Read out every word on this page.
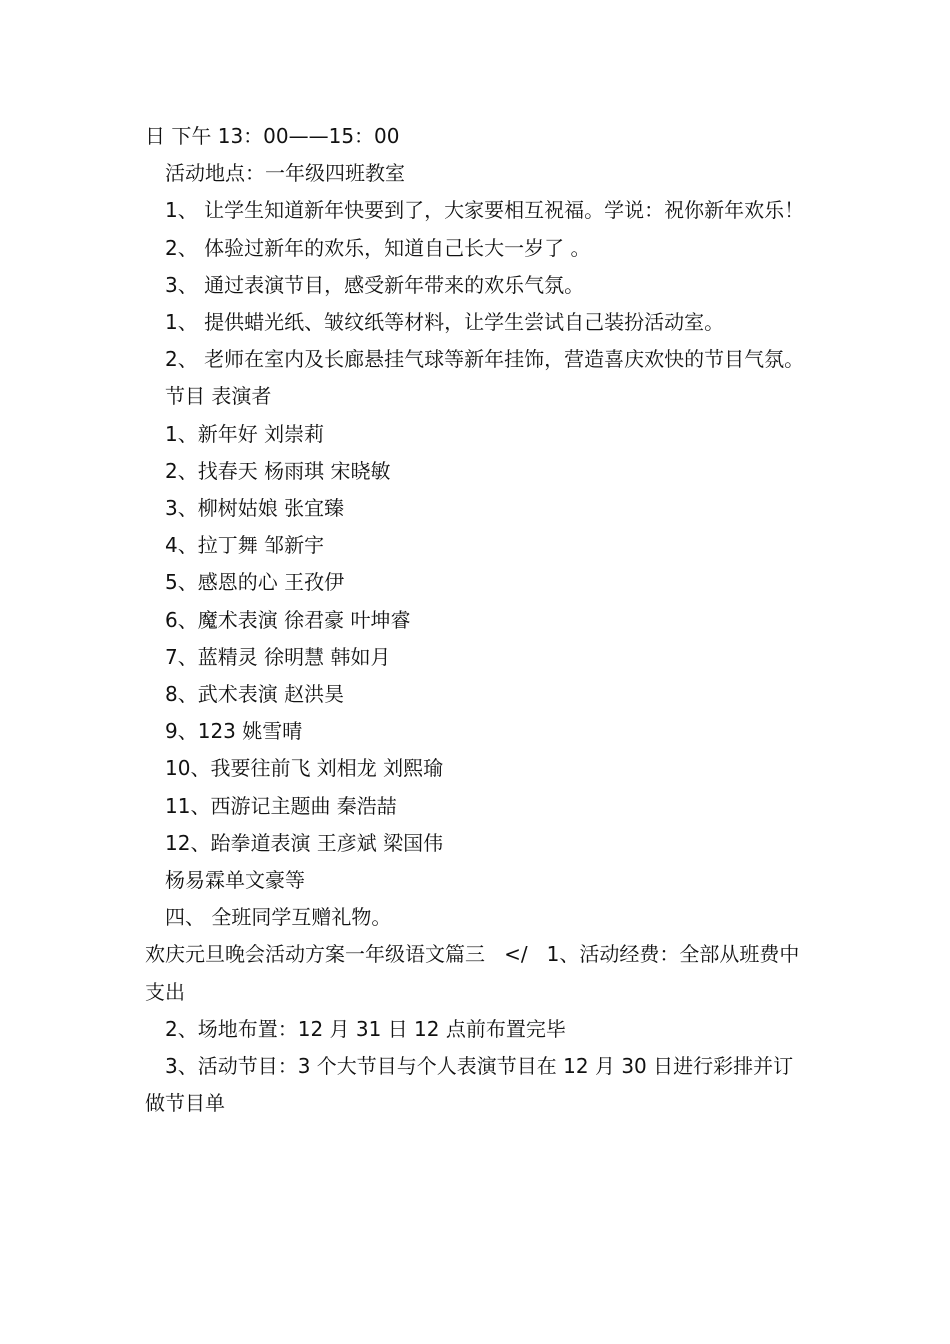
日 下午 13：00——15：00

活动地点：一年级四班教室

1、 让学生知道新年快要到了，大家要相互祝福。学说：祝你新年欢乐！

2、 体验过新年的欢乐，知道自己长大一岁了 。

3、 通过表演节目，感受新年带来的欢乐气氛。

1、 提供蜡光纸、皱纹纸等材料，让学生尝试自己装扮活动室。

2、 老师在室内及长廊悬挂气球等新年挂饰，营造喜庆欢快的节目气氛。

节目 表演者

1、新年好 刘崇莉

2、找春天 杨雨琪 宋晓敏

3、柳树姑娘 张宜臻

4、拉丁舞 邹新宇

5、感恩的心 王孜伊

6、魔术表演 徐君豪 叶坤睿

7、蓝精灵 徐明慧 韩如月

8、武术表演 赵洪昊

9、123 姚雪晴

10、我要往前飞 刘相龙 刘熙瑜

11、西游记主题曲 秦浩喆

12、跆拳道表演 王彦斌 梁国伟

杨易霖单文豪等

四、 全班同学互赠礼物。

欢庆元旦晚会活动方案一年级语文篇三   </   1、活动经费：全部从班费中支出

2、场地布置：12 月 31 日 12 点前布置完毕

3、活动节目：3 个大节目与个人表演节目在 12 月 30 日进行彩排并订做节目单
